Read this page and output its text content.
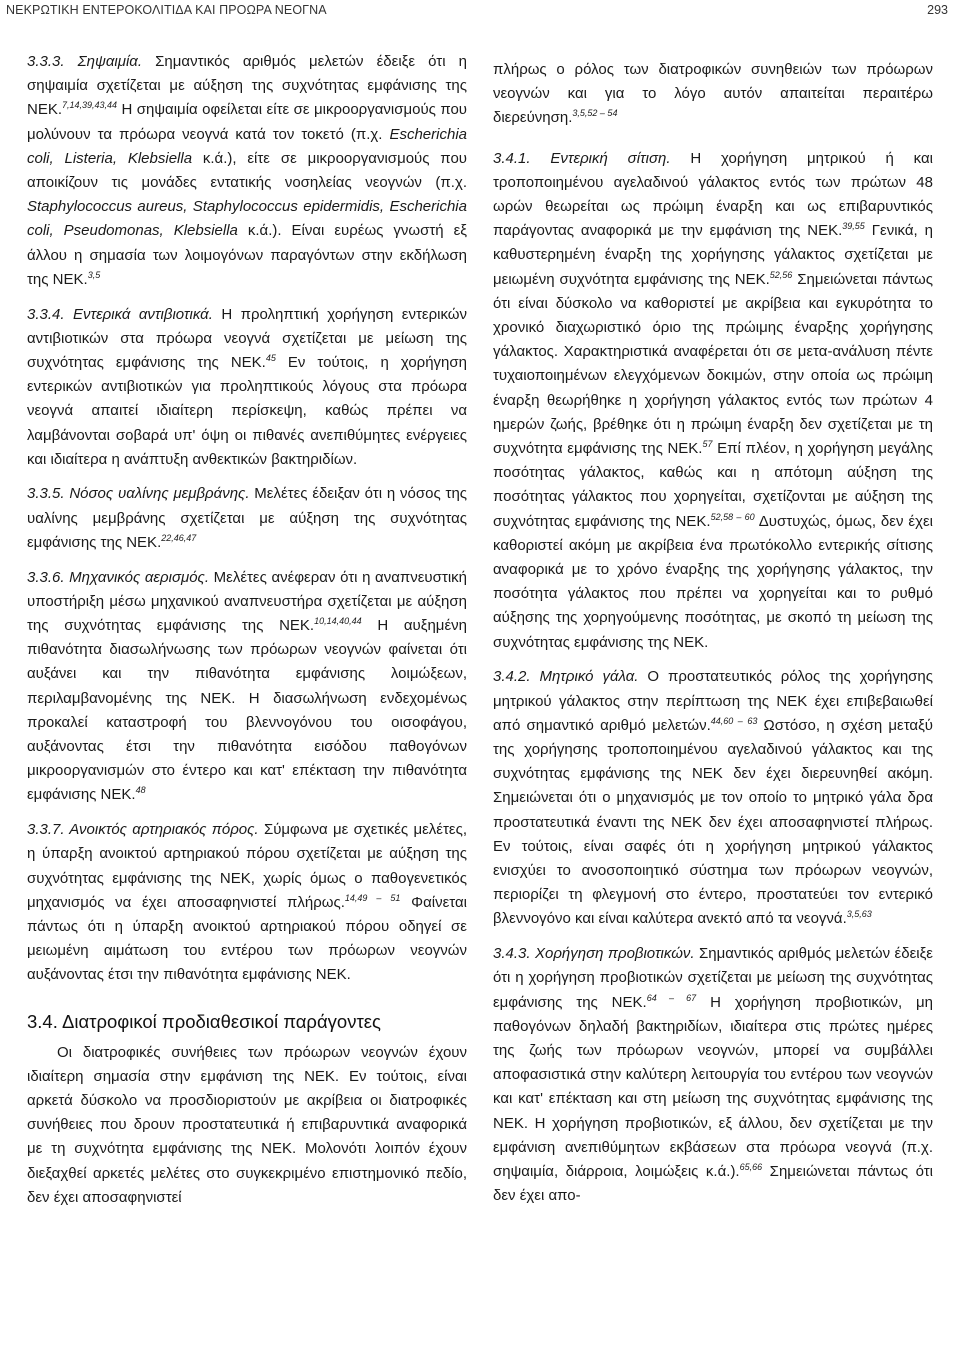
ΝΕΚΡΩΤΙΚΗ ΕΝΤΕΡΟΚΟΛΙΤΙΔΑ ΚΑΙ ΠΡΟΩΡΑ ΝΕΟΓΝΑ	293

3.3.3. Σηψαιμία. Σημαντικός αριθμός μελετών έδειξε ότι η σηψαιμία σχετίζεται με αύξηση της συχνότητας εμφάνισης της ΝΕΚ.$^{7,14,39,43,44}$ Η σηψαιμία οφείλεται είτε σε μικροοργανισμούς που μολύνουν τα πρόωρα νεογνά κατά τον τοκετό (π.χ. Escherichia coli, Listeria, Klebsiella κ.ά.), είτε σε μικροοργανισμούς που αποικίζουν τις μονάδες εντατικής νοσηλείας νεογνών (π.χ. Staphylococcus aureus, Staphylococcus epidermidis, Escherichia coli, Pseudomonas, Klebsiella κ.ά.). Είναι ευρέως γνωστή εξ άλλου η σημασία των λοιμογόνων παραγόντων στην εκδήλωση της ΝΕΚ.$^{3,5}$

3.3.4. Εντερικά αντιβιοτικά. Η προληπτική χορήγηση εντερικών αντιβιοτικών στα πρόωρα νεογνά σχετίζεται με μείωση της συχνότητας εμφάνισης της ΝΕΚ.$^{45}$ Εν τούτοις, η χορήγηση εντερικών αντιβιοτικών για προληπτικούς λόγους στα πρόωρα νεογνά απαιτεί ιδιαίτερη περίσκεψη, καθώς πρέπει να λαμβάνονται σοβαρά υπ' όψη οι πιθανές ανεπιθύμητες ενέργειες και ιδιαίτερα η ανάπτυξη ανθεκτικών βακτηριδίων.

3.3.5. Νόσος υαλίνης μεμβράνης. Μελέτες έδειξαν ότι η νόσος της υαλίνης μεμβράνης σχετίζεται με αύξηση της συχνότητας εμφάνισης της ΝΕΚ.$^{22,46,47}$

3.3.6. Μηχανικός αερισμός. Μελέτες ανέφεραν ότι η αναπνευστική υποστήριξη μέσω μηχανικού αναπνευστήρα σχετίζεται με αύξηση της συχνότητας εμφάνισης της ΝΕΚ.$^{10,14,40,44}$ Η αυξημένη πιθανότητα διασωλήνωσης των πρόωρων νεογνών φαίνεται ότι αυξάνει και την πιθανότητα εμφάνισης λοιμώξεων, περιλαμβανομένης της ΝΕΚ. Η διασωλήνωση ενδεχομένως προκαλεί καταστροφή του βλεννογόνου του οισοφάγου, αυξάνοντας έτσι την πιθανότητα εισόδου παθογόνων μικροοργανισμών στο έντερο και κατ' επέκταση την πιθανότητα εμφάνισης ΝΕΚ.$^{48}$

3.3.7. Ανοικτός αρτηριακός πόρος. Σύμφωνα με σχετικές μελέτες, η ύπαρξη ανοικτού αρτηριακού πόρου σχετίζεται με αύξηση της συχνότητας εμφάνισης της ΝΕΚ, χωρίς όμως ο παθογενετικός μηχανισμός να έχει αποσαφηνιστεί πλήρως.$^{14,49 - 51}$ Φαίνεται πάντως ότι η ύπαρξη ανοικτού αρτηριακού πόρου οδηγεί σε μειωμένη αιμάτωση του εντέρου των πρόωρων νεογνών αυξάνοντας έτσι την πιθανότητα εμφάνισης ΝΕΚ.

3.4. Διατροφικοί προδιαθεσικοί παράγοντες

Οι διατροφικές συνήθειες των πρόωρων νεογνών έχουν ιδιαίτερη σημασία στην εμφάνιση της ΝΕΚ. Εν τούτοις, είναι αρκετά δύσκολο να προσδιοριστούν με ακρίβεια οι διατροφικές συνήθειες που δρουν προστατευτικά ή επιβαρυντικά αναφορικά με τη συχνότητα εμφάνισης της ΝΕΚ. Μολονότι λοιπόν έχουν διεξαχθεί αρκετές μελέτες στο συγκεκριμένο επιστημονικό πεδίο, δεν έχει αποσαφηνιστεί

πλήρως ο ρόλος των διατροφικών συνηθειών των πρόωρων νεογνών και για το λόγο αυτόν απαιτείται περαιτέρω διερεύνηση.$^{3,5,52 - 54}$

3.4.1. Εντερική σίτιση. Η χορήγηση μητρικού ή και τροποποιημένου αγελαδινού γάλακτος εντός των πρώτων 48 ωρών θεωρείται ως πρώιμη έναρξη και ως επιβαρυντικός παράγοντας αναφορικά με την εμφάνιση της ΝΕΚ.$^{39,55}$ Γενικά, η καθυστερημένη έναρξη της χορήγησης γάλακτος σχετίζεται με μειωμένη συχνότητα εμφάνισης της ΝΕΚ.$^{52,56}$ Σημειώνεται πάντως ότι είναι δύσκολο να καθοριστεί με ακρίβεια και εγκυρότητα το χρονικό διαχωριστικό όριο της πρώιμης έναρξης χορήγησης γάλακτος. Χαρακτηριστικά αναφέρεται ότι σε μετα-ανάλυση πέντε τυχαιοποιημένων ελεγχόμενων δοκιμών, στην οποία ως πρώιμη έναρξη θεωρήθηκε η χορήγηση γάλακτος εντός των πρώτων 4 ημερών ζωής, βρέθηκε ότι η πρώιμη έναρξη δεν σχετίζεται με τη συχνότητα εμφάνισης της ΝΕΚ.$^{57}$ Επί πλέον, η χορήγηση μεγάλης ποσότητας γάλακτος, καθώς και η απότομη αύξηση της ποσότητας γάλακτος που χορηγείται, σχετίζονται με αύξηση της συχνότητας εμφάνισης της ΝΕΚ.$^{52,58 - 60}$ Δυστυχώς, όμως, δεν έχει καθοριστεί ακόμη με ακρίβεια ένα πρωτόκολλο εντερικής σίτισης αναφορικά με το χρόνο έναρξης της χορήγησης γάλακτος, την ποσότητα γάλακτος που πρέπει να χορηγείται και το ρυθμό αύξησης της χορηγούμενης ποσότητας, με σκοπό τη μείωση της συχνότητας εμφάνισης της ΝΕΚ.

3.4.2. Μητρικό γάλα. Ο προστατευτικός ρόλος της χορήγησης μητρικού γάλακτος στην περίπτωση της ΝΕΚ έχει επιβεβαιωθεί από σημαντικό αριθμό μελετών.$^{44,60 - 63}$ Ωστόσο, η σχέση μεταξύ της χορήγησης τροποποιημένου αγελαδινού γάλακτος και της συχνότητας εμφάνισης της ΝΕΚ δεν έχει διερευνηθεί ακόμη. Σημειώνεται ότι ο μηχανισμός με τον οποίο το μητρικό γάλα δρα προστατευτικά έναντι της ΝΕΚ δεν έχει αποσαφηνιστεί πλήρως. Εν τούτοις, είναι σαφές ότι η χορήγηση μητρικού γάλακτος ενισχύει το ανοσοποιητικό σύστημα των πρόωρων νεογνών, περιορίζει τη φλεγμονή στο έντερο, προστατεύει τον εντερικό βλεννογόνο και είναι καλύτερα ανεκτό από τα νεογνά.$^{3,5,63}$

3.4.3. Χορήγηση προβιοτικών. Σημαντικός αριθμός μελετών έδειξε ότι η χορήγηση προβιοτικών σχετίζεται με μείωση της συχνότητας εμφάνισης της ΝΕΚ.$^{64 - 67}$ Η χορήγηση προβιοτικών, μη παθογόνων δηλαδή βακτηριδίων, ιδιαίτερα στις πρώτες ημέρες της ζωής των πρόωρων νεογνών, μπορεί να συμβάλλει αποφασιστικά στην καλύτερη λειτουργία του εντέρου των νεογνών και κατ' επέκταση και στη μείωση της συχνότητας εμφάνισης της ΝΕΚ. Η χορήγηση προβιοτικών, εξ άλλου, δεν σχετίζεται με την εμφάνιση ανεπιθύμητων εκβάσεων στα πρόωρα νεογνά (π.χ. σηψαιμία, διάρροια, λοιμώξεις κ.ά.).$^{65,66}$ Σημειώνεται πάντως ότι δεν έχει απο-
